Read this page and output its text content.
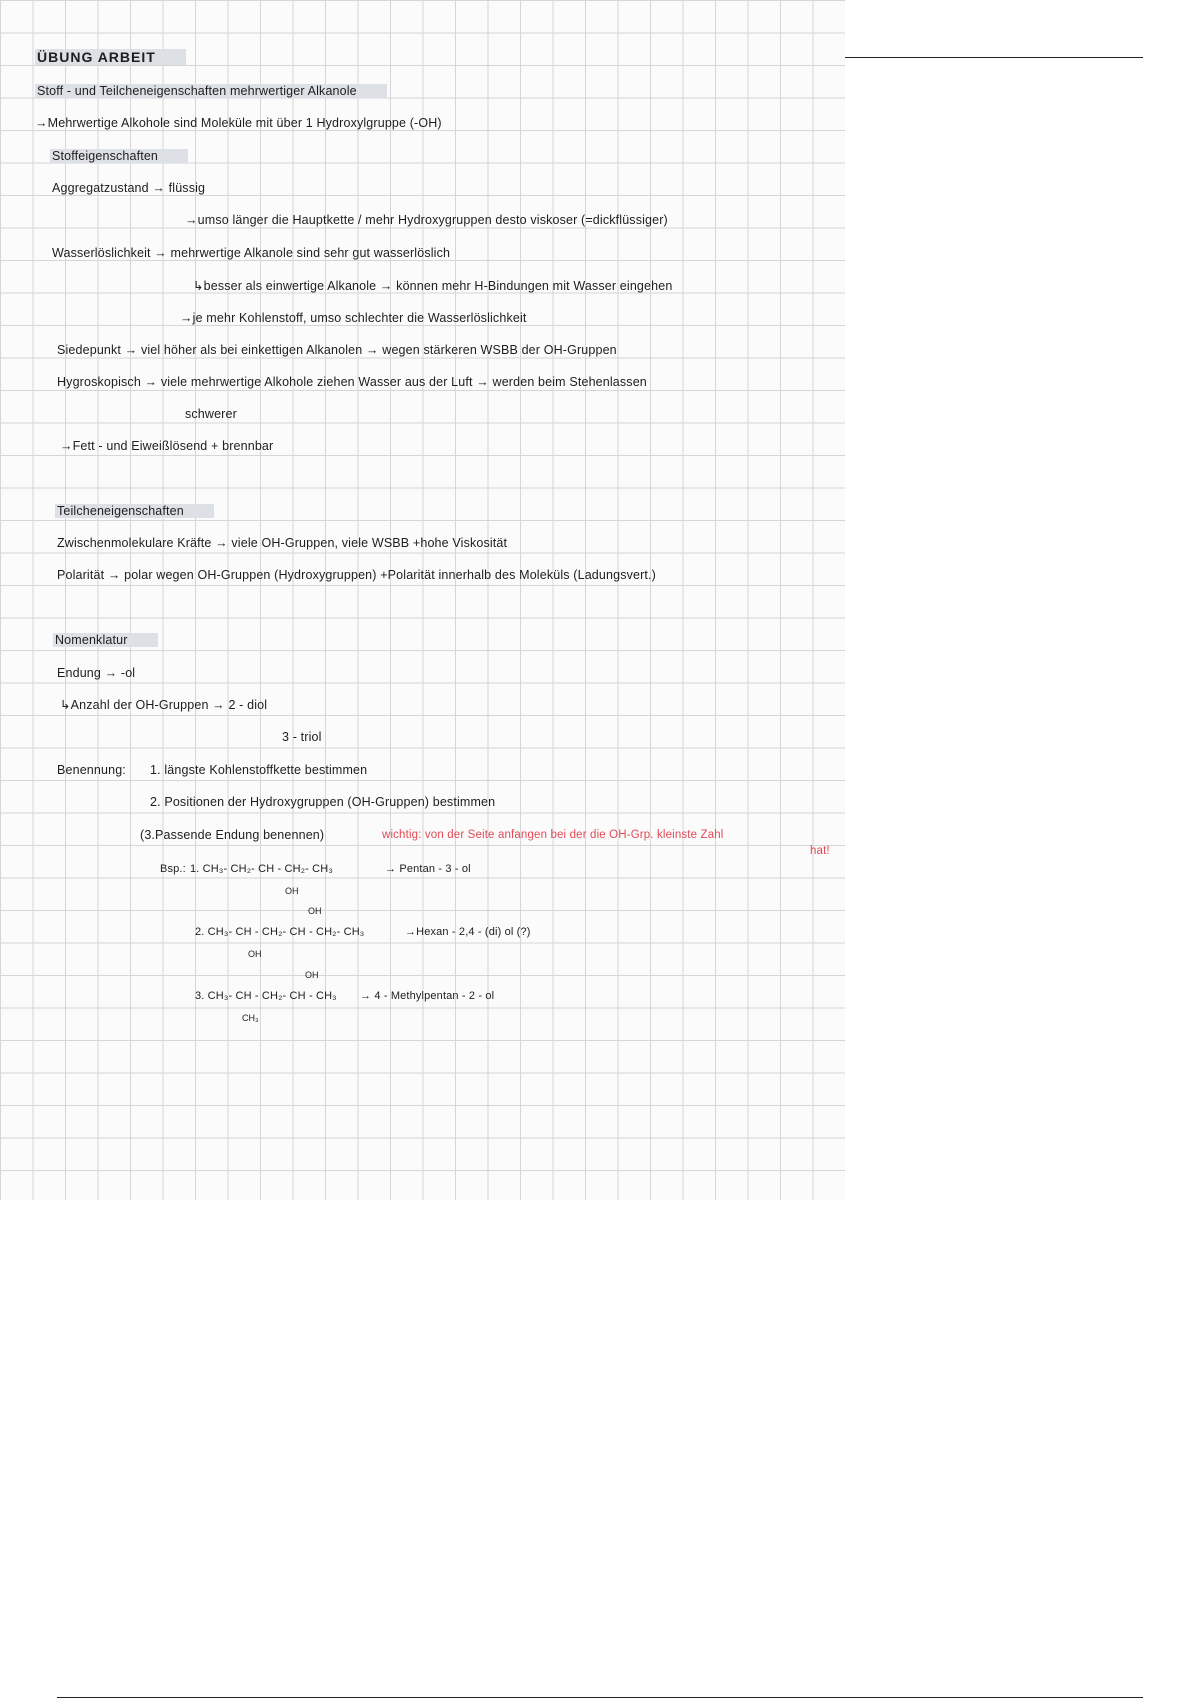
ÜBUNG ARBEIT
Stoff - und Teilcheneigenschaften mehrwertiger Alkanole
→Mehrwertige Alkohole sind Moleküle mit über 1 Hydroxylgruppe (-OH)
Stoffeigenschaften
Aggregatzustand → flüssig
→umso länger die Hauptkette / mehr Hydroxygruppen desto viskoser (=dickflüssiger)
Wasserlöslichkeit → mehrwertige Alkanole sind sehr gut wasserlöslich
↳besser als einwertige Alkanole → können mehr H-Bindungen mit Wasser eingehen
→je mehr Kohlenstoff, umso schlechter die Wasserlöslichkeit
Siedepunkt → viel höher als bei einkettigen Alkanolen → wegen stärkeren WSBB der OH-Gruppen
Hygroskopisch → viele mehrwertige Alkohole ziehen Wasser aus der Luft → werden beim Stehenlassen
schwerer
→Fett - und Eiweißlösend + brennbar
Teilcheneigenschaften
Zwischenmolekulare Kräfte → viele OH-Gruppen, viele WSBB +hohe Viskosität
Polarität → polar wegen OH-Gruppen (Hydroxygruppen) +Polarität innerhalb des Moleküls (Ladungsvert.)
Nomenklatur
Endung → -ol
↳Anzahl der OH-Gruppen → 2 - diol
3 - triol
Benennung: 1. längste Kohlenstoffkette bestimmen
2. Positionen der Hydroxygruppen (OH-Gruppen) bestimmen
(3.Passende Endung benennen)	wichtig: von der Seite anfangen bei der die OH-Grp. kleinste Zahl
hat!
Bsp.: 1. CH₃- CH₂- CH - CH₂- CH₃
OH
→ Pentan - 3 - ol
OH
2. CH₃- CH - CH₂- CH - CH₂- CH₃
OH
→Hexan - 2,4 - (di) ol (?)
OH
3. CH₃- CH - CH₂- CH - CH₃
CH₃
→ 4 - Methylpentan - 2 - ol
